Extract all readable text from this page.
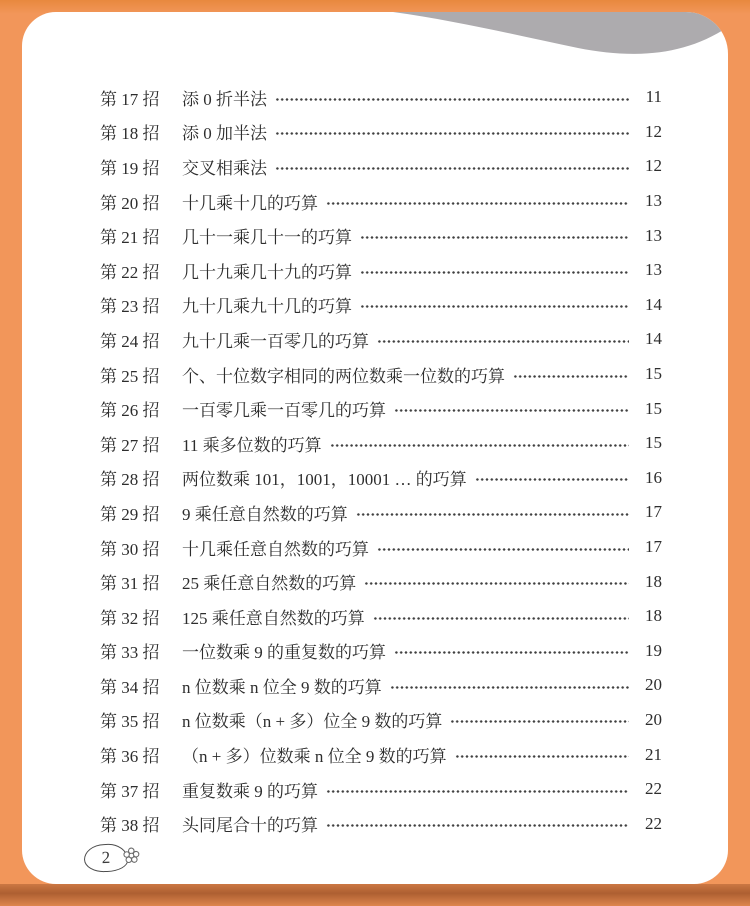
第 17 招	添 0 折半法	11
第 18 招	添 0 加半法	12
第 19 招	交叉相乘法	12
第 20 招	十几乘十几的巧算	13
第 21 招	几十一乘几十一的巧算	13
第 22 招	几十九乘几十九的巧算	13
第 23 招	九十几乘九十几的巧算	14
第 24 招	九十几乘一百零几的巧算	14
第 25 招	个、十位数字相同的两位数乘一位数的巧算	15
第 26 招	一百零几乘一百零几的巧算	15
第 27 招	11 乘多位数的巧算	15
第 28 招	两位数乘 101，1001，10001 … 的巧算	16
第 29 招	9 乘任意自然数的巧算	17
第 30 招	十几乘任意自然数的巧算	17
第 31 招	25 乘任意自然数的巧算	18
第 32 招	125 乘任意自然数的巧算	18
第 33 招	一位数乘 9 的重复数的巧算	19
第 34 招	n 位数乘 n 位全 9 数的巧算	20
第 35 招	n 位数乘（n + 多）位全 9 数的巧算	20
第 36 招	（n + 多）位数乘 n 位全 9 数的巧算	21
第 37 招	重复数乘 9 的巧算	22
第 38 招	头同尾合十的巧算	22
2
